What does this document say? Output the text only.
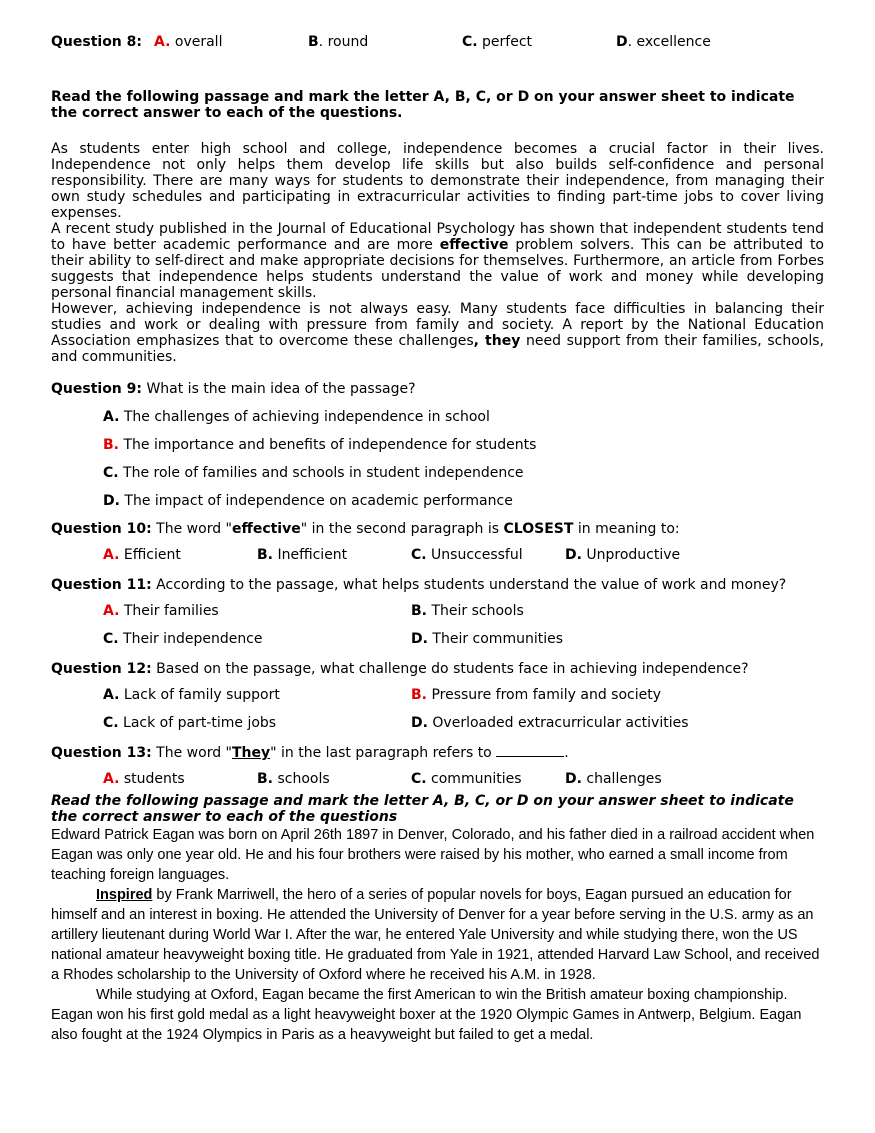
Question 8: A. overall	B. round	C. perfect	D. excellence
Read the following passage and mark the letter A, B, C, or D on your answer sheet to indicate the correct answer to each of the questions.
As students enter high school and college, independence becomes a crucial factor in their lives. Independence not only helps them develop life skills but also builds self-confidence and personal responsibility. There are many ways for students to demonstrate their independence, from managing their own study schedules and participating in extracurricular activities to finding part-time jobs to cover living expenses.
A recent study published in the Journal of Educational Psychology has shown that independent students tend to have better academic performance and are more effective problem solvers. This can be attributed to their ability to self-direct and make appropriate decisions for themselves. Furthermore, an article from Forbes suggests that independence helps students understand the value of work and money while developing personal financial management skills.
However, achieving independence is not always easy. Many students face difficulties in balancing their studies and work or dealing with pressure from family and society. A report by the National Education Association emphasizes that to overcome these challenges, they need support from their families, schools, and communities.
Question 9: What is the main idea of the passage?
A. The challenges of achieving independence in school
B. The importance and benefits of independence for students
C. The role of families and schools in student independence
D. The impact of independence on academic performance
Question 10: The word "effective" in the second paragraph is CLOSEST in meaning to:
A. Efficient	B. Inefficient	C. Unsuccessful	D. Unproductive
Question 11: According to the passage, what helps students understand the value of work and money?
A. Their families	B. Their schools
C. Their independence	D. Their communities
Question 12: Based on the passage, what challenge do students face in achieving independence?
A. Lack of family support	B. Pressure from family and society
C. Lack of part-time jobs	D. Overloaded extracurricular activities
Question 13: The word "They" in the last paragraph refers to	.
A. students	B. schools	C. communities	D. challenges
Read the following passage and mark the letter A, B, C, or D on your answer sheet to indicate the correct answer to each of the questions
Edward Patrick Eagan was born on April 26th 1897 in Denver, Colorado, and his father died in a railroad accident when Eagan was only one year old. He and his four brothers were raised by his mother, who earned a small income from teaching foreign languages.
Inspired by Frank Marriwell, the hero of a series of popular novels for boys, Eagan pursued an education for himself and an interest in boxing. He attended the University of Denver for a year before serving in the U.S. army as an artillery lieutenant during World War I. After the war, he entered Yale University and while studying there, won the US national amateur heavyweight boxing title. He graduated from Yale in 1921, attended Harvard Law School, and received a Rhodes scholarship to the University of Oxford where he received his A.M. in 1928.
While studying at Oxford, Eagan became the first American to win the British amateur boxing championship. Eagan won his first gold medal as a light heavyweight boxer at the 1920 Olympic Games in Antwerp, Belgium. Eagan also fought at the 1924 Olympics in Paris as a heavyweight but failed to get a medal.
